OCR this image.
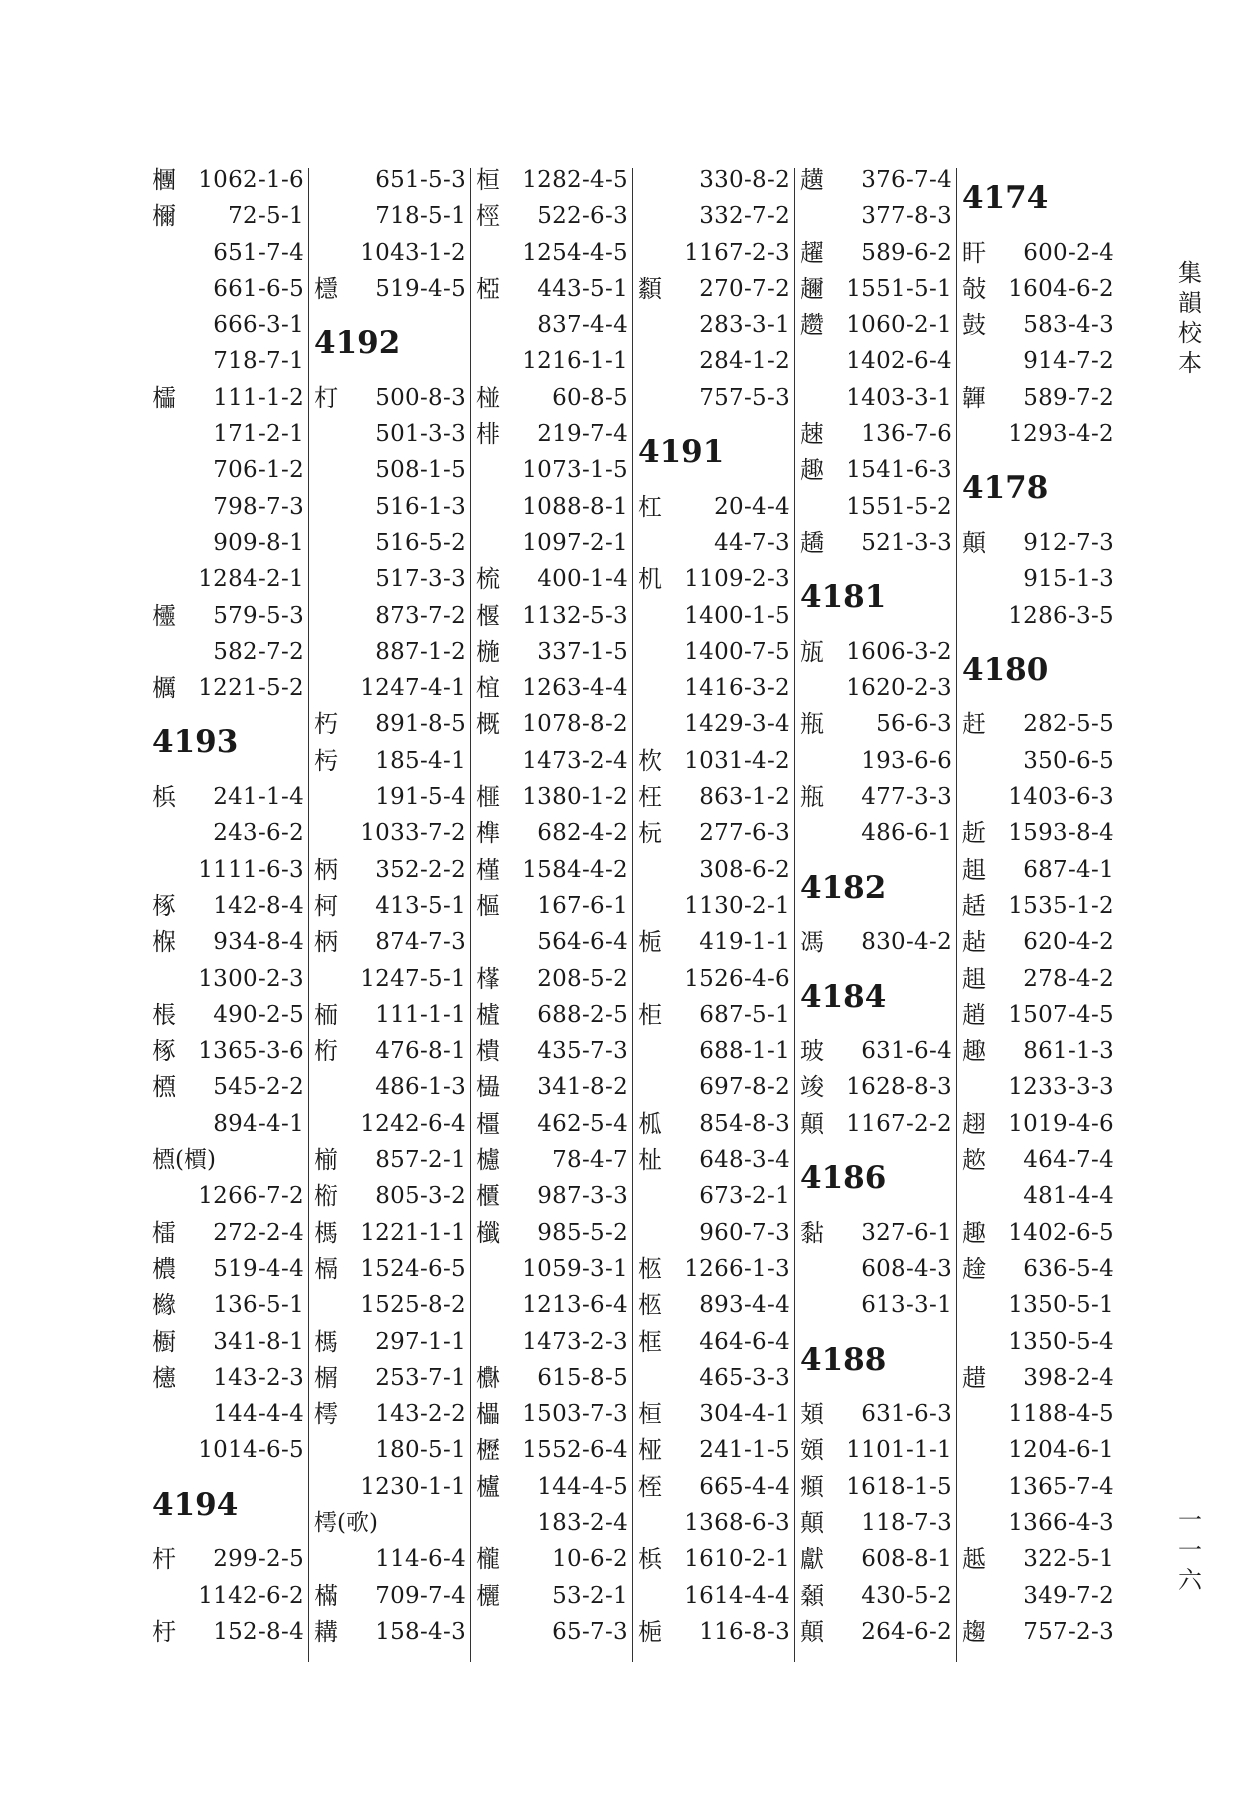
檲 1062-1-6
檷 72-5-1
651-7-4
661-6-5
666-3-1
718-7-1
櫺 111-1-2
171-2-1
706-1-2
798-7-3
909-8-1
1284-2-1
欞 579-5-3
582-7-2
櫔 1221-5-2
4193
梹 241-1-4
243-6-2
1111-6-3
椓 142-8-4
椺 934-8-4
1300-2-3
棖 490-2-5
椓 1365-3-6
槱 545-2-2
894-4-1
槱(檟)
1266-7-2
檑 272-2-4
檂 519-4-4
櫞 136-5-1
櫉 341-8-1
櫶 143-2-3
144-4-4
1014-6-5
4194
杆 299-2-5
1142-6-2
杅 152-8-4
651-5-3
718-5-1
1043-1-2
檼 519-4-5
4192
朾 500-8-3
501-3-3
508-1-5
516-1-3
516-5-2
517-3-3
873-7-2
887-1-2
1247-4-1
朽 891-8-5
杇 185-4-1
191-5-4
1033-7-2
柄 352-2-2
柯 413-5-1
柄 874-7-3
1247-5-1
栭 111-1-1
桁 476-8-1
486-1-3
1242-6-4
椾 857-2-1
椼 805-3-2
榪 1221-1-1
槅 1524-6-5
1525-8-2
榪 297-1-1
榍 253-7-1
樗 143-2-2
180-5-1
1230-1-1
樗(㰤)
114-6-4
樠 709-7-4
耩 158-4-3
桓 1282-4-5
桱 522-6-3
1254-4-5
椏 443-5-1
837-4-4
1216-1-1
椪 60-8-5
棑 219-7-4
1073-1-5
1088-8-1
1097-2-1
梳 400-1-4
椻 1132-5-3
椸 337-1-5
椬 1263-4-4
概 1078-8-2
1473-2-4
榧 1380-1-2
榫 682-4-2
槿 1584-4-2
樞 167-6-1
564-6-4
樥 208-5-2
樝 688-2-5
樻 435-7-3
橻 341-8-2
橿 462-5-4
櫖 78-4-7
櫃 987-3-3
櫼 985-5-2
1059-3-1
1213-6-4
1473-2-3
欁 615-8-5
櫑 1503-7-3
櫪 1552-6-4
櫨 144-4-5
183-2-4
櫳 10-6-2
欐 53-2-1
65-7-3
330-8-2
332-7-2
1167-2-3
纇 270-7-2
283-3-1
284-1-2
757-5-3
4191
杠 20-4-4
44-7-3
机 1109-2-3
1400-1-5
1400-7-5
1416-3-2
1429-3-4
杴 1031-4-2
枉 863-1-2
杬 277-6-3
308-6-2
1130-2-1
栀 419-1-1
1526-4-6
柜 687-5-1
688-1-1
697-8-2
柧 854-8-3
杫 648-3-4
673-2-1
960-7-3
柩 1266-1-3
柩 893-4-4
框 464-6-4
465-3-3
桓 304-4-1
桠 241-1-5
桎 665-4-4
1368-6-3
梹 1610-2-1
1614-4-4
梔 116-8-3
趪 376-7-4
377-8-3
趯 589-6-2
趰 1551-5-1
趱 1060-2-1
1402-6-4
1403-3-1
趚 136-7-6
趣 1541-6-3
1551-5-2
趫 521-3-3
4181
瓬 1606-3-2
1620-2-3
瓶 56-6-3
193-6-6
瓶 477-3-3
486-6-1
4182
馮 830-4-2
4184
玻 631-6-4
竣 1628-8-3
顛 1167-2-2
4186
黏 327-6-1
608-4-3
613-3-1
4188
頍 631-6-3
頞 1101-1-1
頫 1618-1-5
顛 118-7-3
獻 608-8-1
顙 430-5-2
顛 264-6-2
4174
盰 600-2-4
敧 1604-6-2
鼓 583-4-3
914-7-2
韗 589-7-2
1293-4-2
4178
顛 912-7-3
915-1-3
1286-3-5
4180
赶 282-5-5
350-6-5
1403-6-3
赾 1593-8-4
趄 687-4-1
趏 1535-1-2
趈 620-4-2
趄 278-4-2
趙 1507-4-5
趣 861-1-3
1233-3-3
趐 1019-4-6
趑 464-7-4
481-4-4
趣 1402-6-5
趛 636-5-4
1350-5-1
1350-5-4
趞 398-2-4
1188-4-5
1204-6-1
1365-7-4
1366-4-3
趆 322-5-1
349-7-2
趨 757-2-3
集韻校本
一一六
